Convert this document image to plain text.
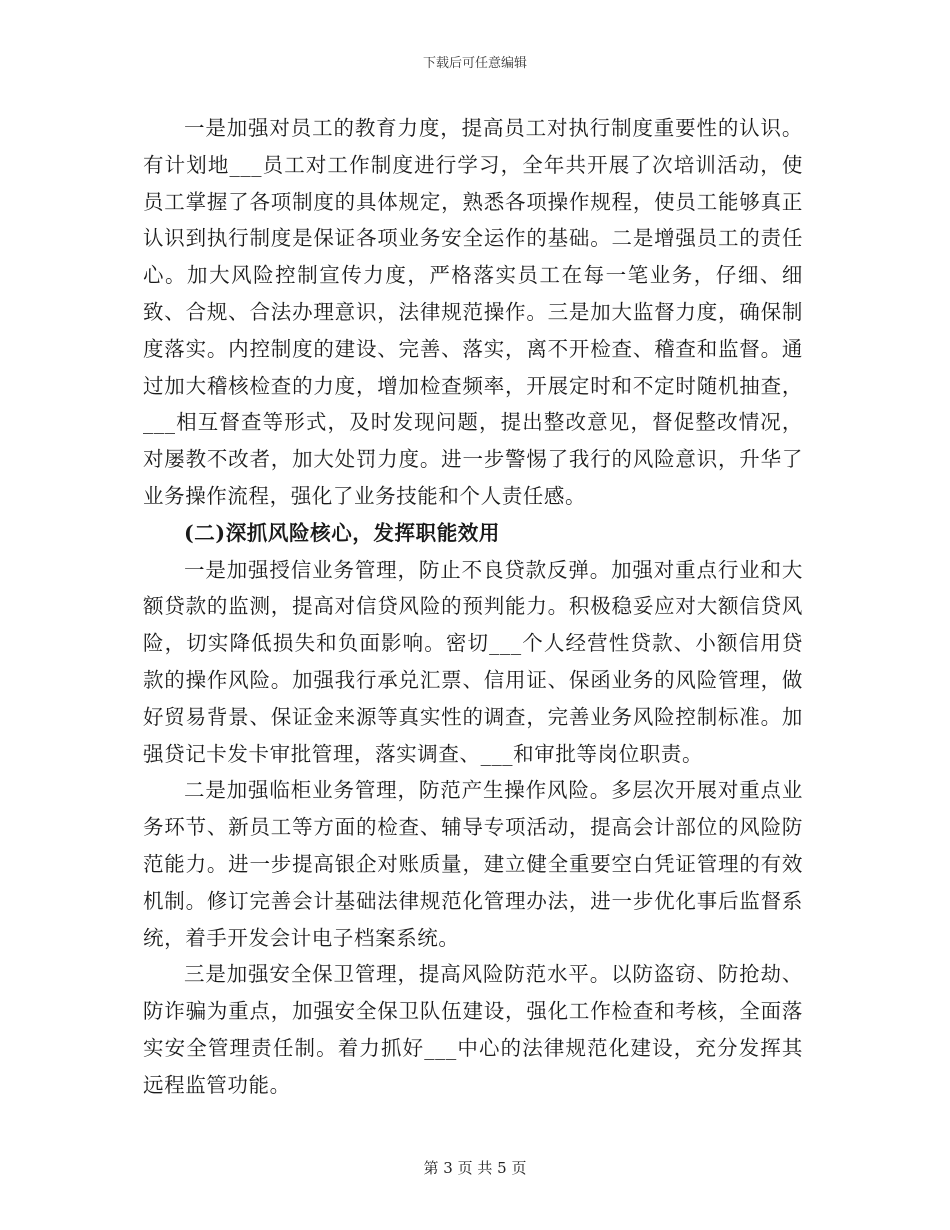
下载后可任意编辑

一是加强对员工的教育力度，提高员工对执行制度重要性的认识。有计划地___员工对工作制度进行学习，全年共开展了次培训活动，使员工掌握了各项制度的具体规定，熟悉各项操作规程，使员工能够真正认识到执行制度是保证各项业务安全运作的基础。二是增强员工的责任心。加大风险控制宣传力度，严格落实员工在每一笔业务，仔细、细致、合规、合法办理意识，法律规范操作。三是加大监督力度，确保制度落实。内控制度的建设、完善、落实，离不开检查、稽查和监督。通过加大稽核检查的力度，增加检查频率，开展定时和不定时随机抽查，___相互督查等形式，及时发现问题，提出整改意见，督促整改情况，对屡教不改者，加大处罚力度。进一步警惕了我行的风险意识，升华了业务操作流程，强化了业务技能和个人责任感。

(二)深抓风险核心，发挥职能效用

一是加强授信业务管理，防止不良贷款反弹。加强对重点行业和大额贷款的监测，提高对信贷风险的预判能力。积极稳妥应对大额信贷风险，切实降低损失和负面影响。密切___个人经营性贷款、小额信用贷款的操作风险。加强我行承兑汇票、信用证、保函业务的风险管理，做好贸易背景、保证金来源等真实性的调查，完善业务风险控制标准。加强贷记卡发卡审批管理，落实调查、___和审批等岗位职责。

二是加强临柜业务管理，防范产生操作风险。多层次开展对重点业务环节、新员工等方面的检查、辅导专项活动，提高会计部位的风险防范能力。进一步提高银企对账质量，建立健全重要空白凭证管理的有效机制。修订完善会计基础法律规范化管理办法，进一步优化事后监督系统，着手开发会计电子档案系统。

三是加强安全保卫管理，提高风险防范水平。以防盗窃、防抢劫、防诈骗为重点，加强安全保卫队伍建设，强化工作检查和考核，全面落实安全管理责任制。着力抓好___中心的法律规范化建设，充分发挥其远程监管功能。

第 3 页 共 5 页
